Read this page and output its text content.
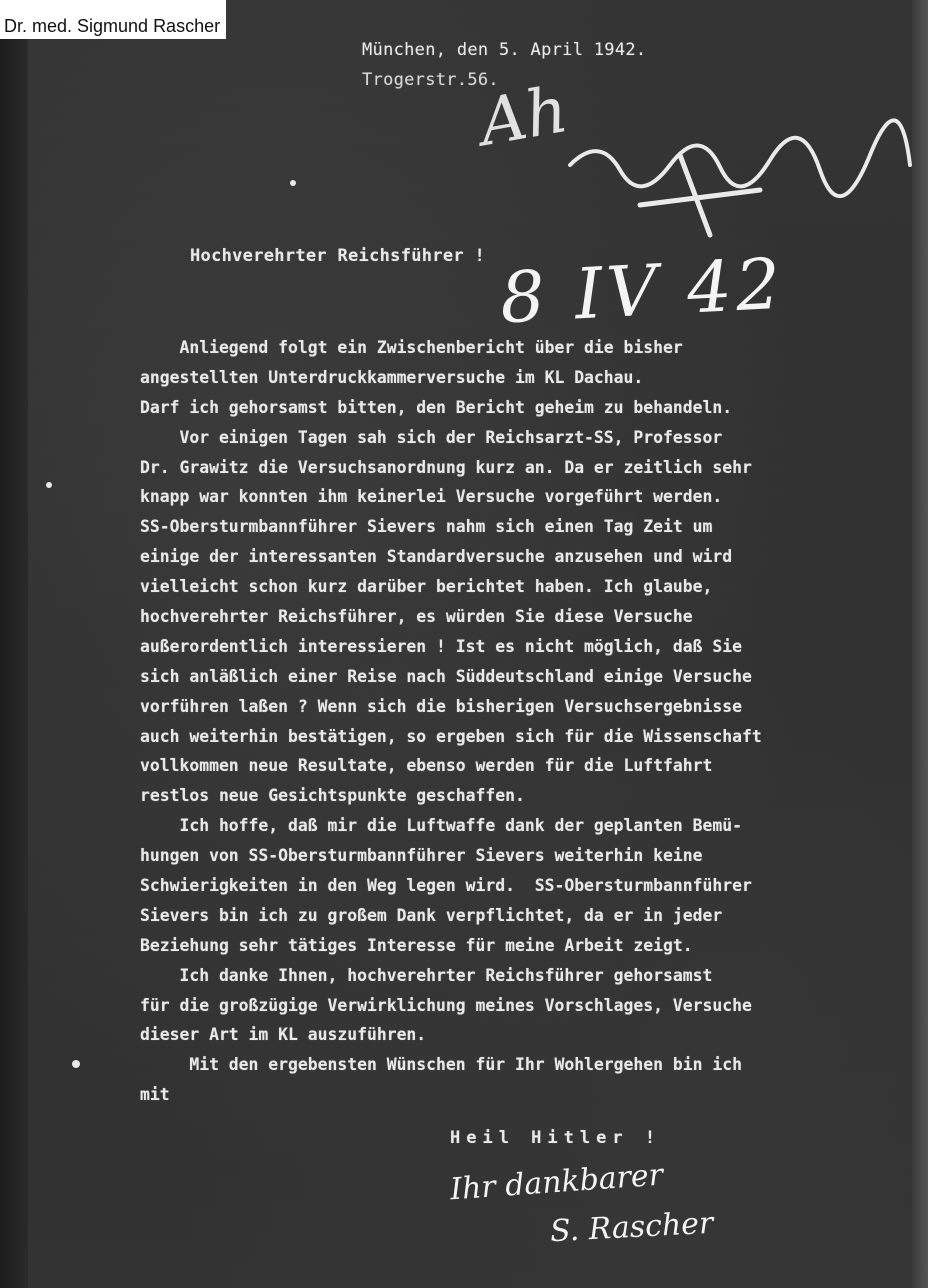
Dr. med. Sigmund Rascher
München, den 5. April 1942.
Trogerstr.56.
Ah
Hochverehrter Reichsführer ! 8 IV 42
Anliegend folgt ein Zwischenbericht über die bisher
angestellten Unterdruckkammerversuche im KL Dachau.
Darf ich gehorsamst bitten, den Bericht geheim zu behandeln.
Vor einigen Tagen sah sich der Reichsarzt-SS, Professor
Dr. Grawitz die Versuchsanordnung kurz an. Da er zeitlich sehr
knapp war konnten ihm keinerlei Versuche vorgeführt werden.
SS-Obersturmbannführer Sievers nahm sich einen Tag Zeit um
einige der interessanten Standardversuche anzusehen und wird
vielleicht schon kurz darüber berichtet haben. Ich glaube,
hochverehrter Reichsführer, es würden Sie diese Versuche
außerordentlich interessieren ! Ist es nicht möglich, daß Sie
sich anläßlich einer Reise nach Süddeutschland einige Versuche
vorführen laßen ? Wenn sich die bisherigen Versuchsergebnisse
auch weiterhin bestätigen, so ergeben sich für die Wissenschaft
vollkommen neue Resultate, ebenso werden für die Luftfahrt
restlos neue Gesichtspunkte geschaffen.
Ich hoffe, daß mir die Luftwaffe dank der geplanten Bemü-
hungen von SS-Obersturmbannführer Sievers weiterhin keine
Schwierigkeiten in den Weg legen wird.  SS-Obersturmbannführer
Sievers bin ich zu großem Dank verpflichtet, da er in jeder
Beziehung sehr tätiges Interesse für meine Arbeit zeigt.
Ich danke Ihnen, hochverehrter Reichsführer gehorsamst
für die großzügige Verwirklichung meines Vorschlages, Versuche
dieser Art im KL auszuführen.
Mit den ergebensten Wünschen für Ihr Wohlergehen bin ich
mit
Heil Hitler !
Ihr dankbarer
S. Rascher
